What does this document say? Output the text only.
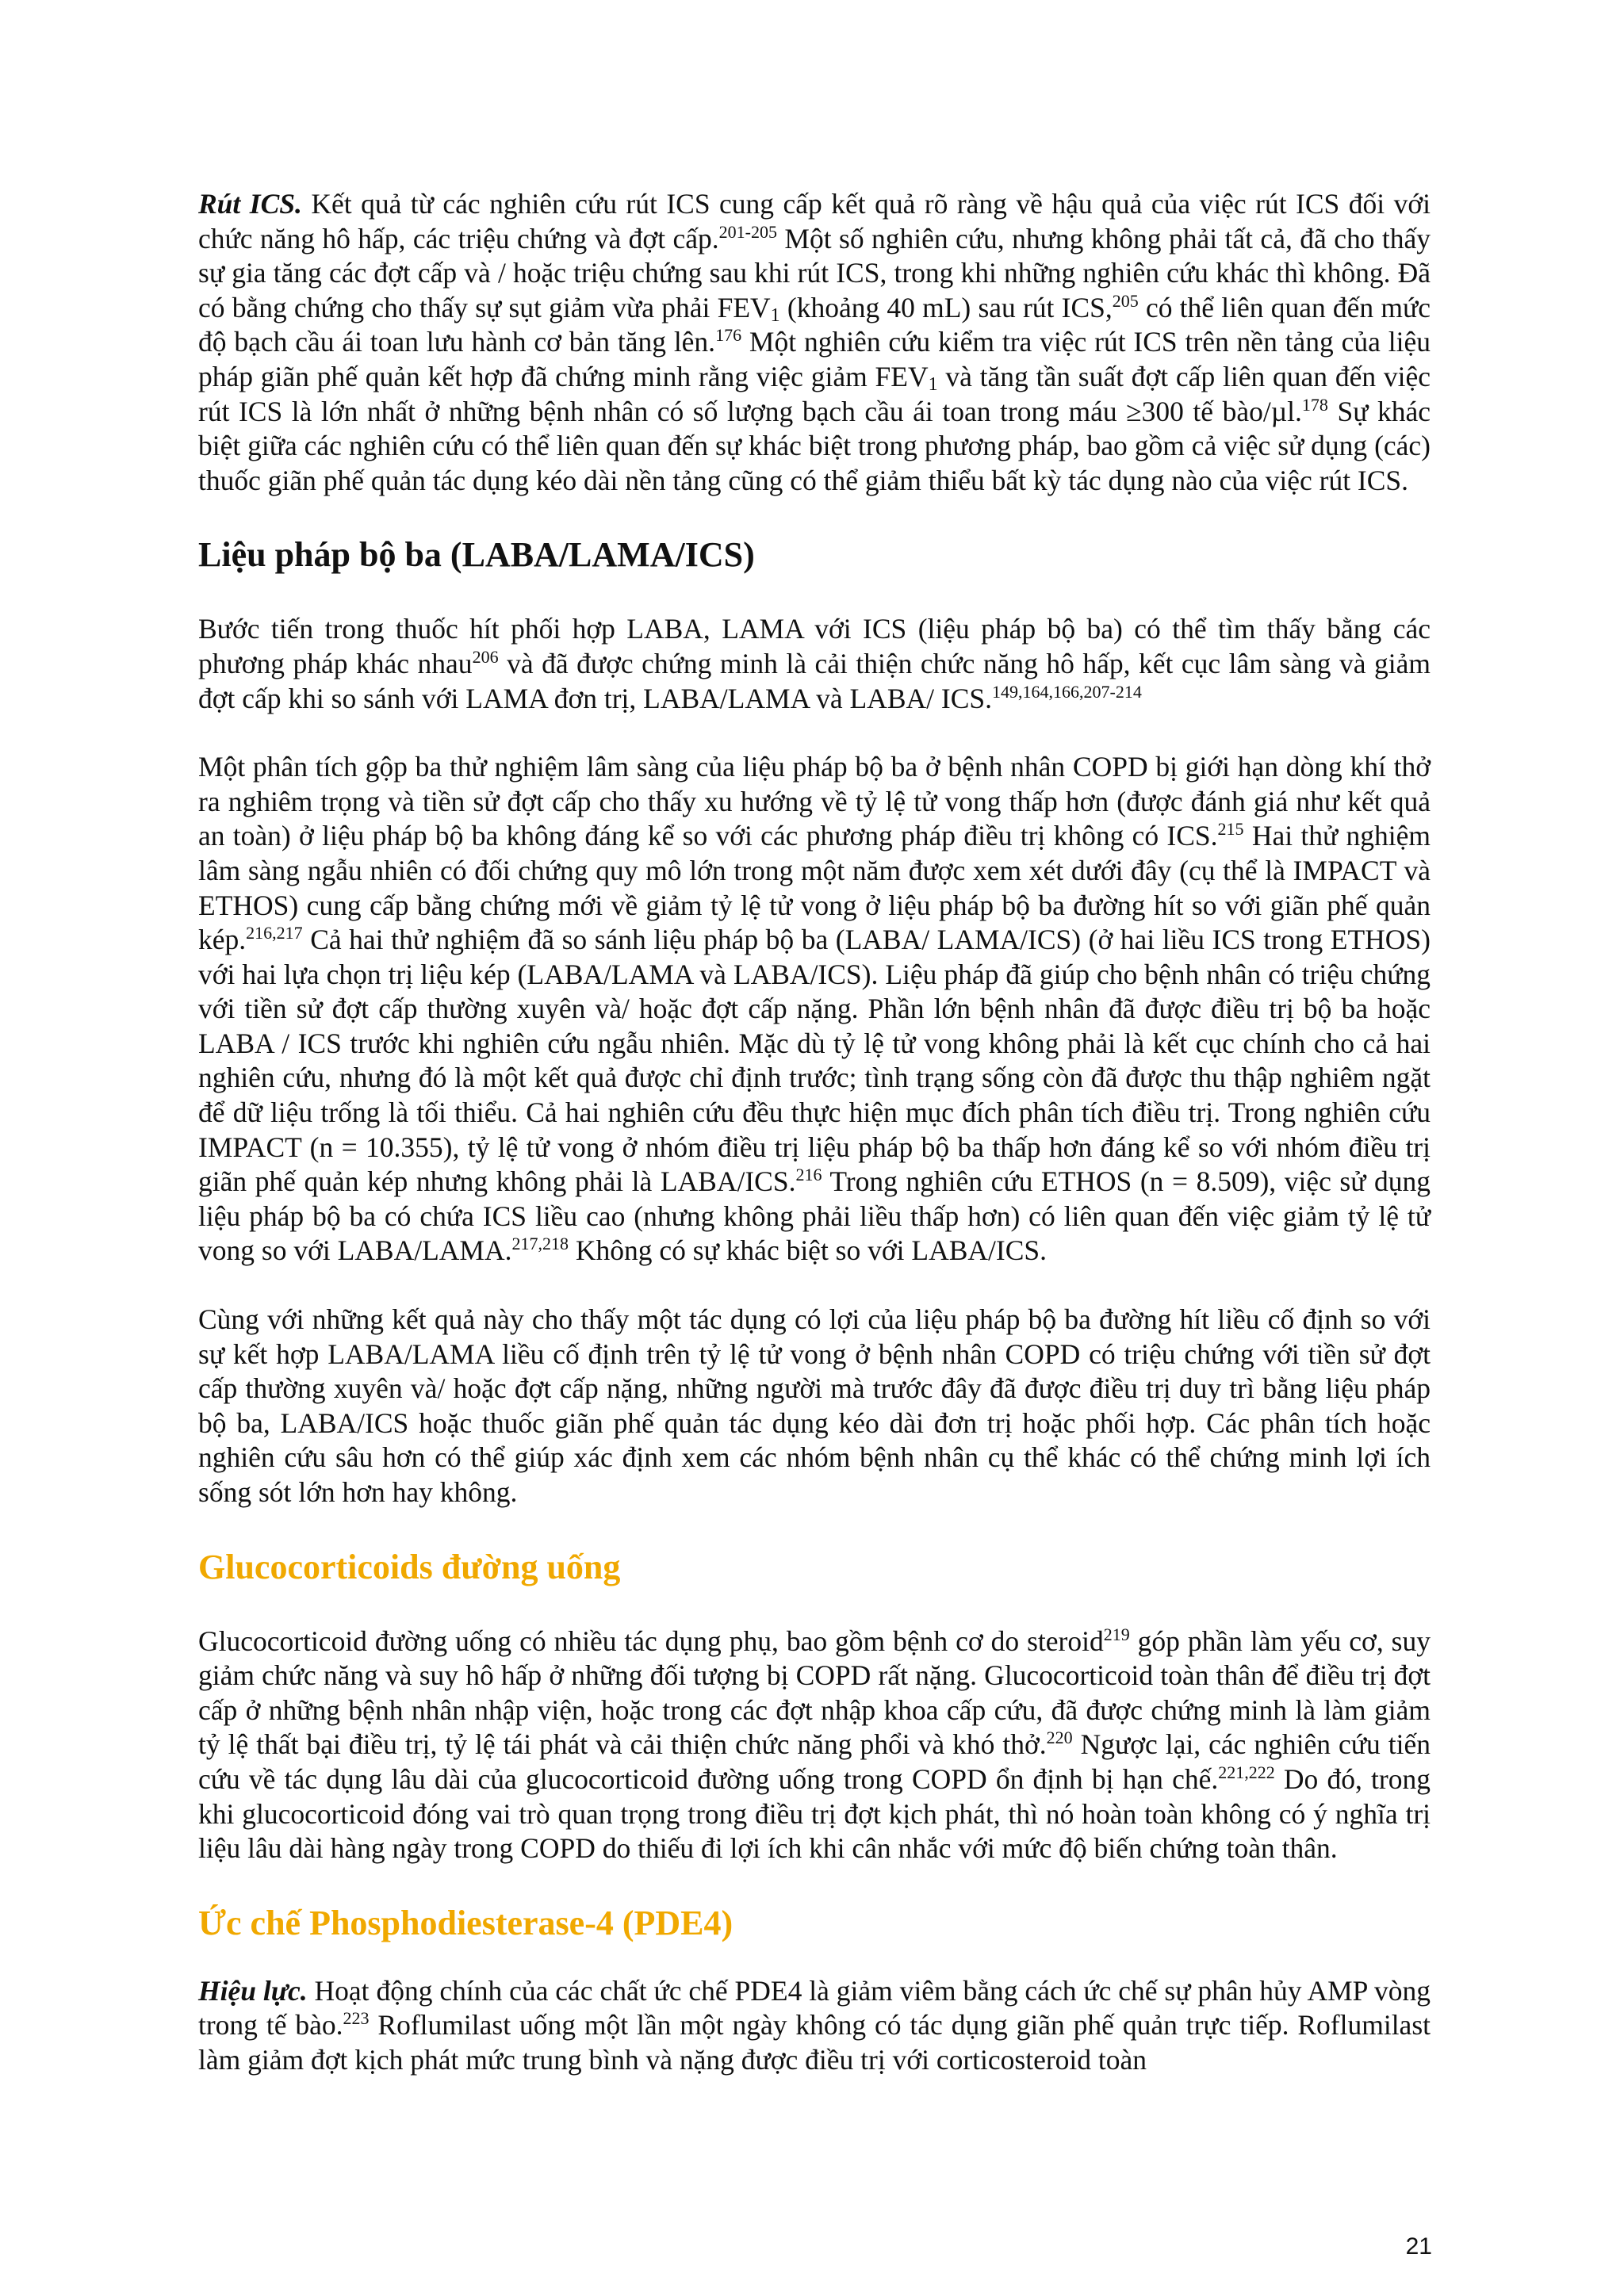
Rút ICS. Kết quả từ các nghiên cứu rút ICS cung cấp kết quả rõ ràng về hậu quả của việc rút ICS đối với chức năng hô hấp, các triệu chứng và đợt cấp.$^{201-205}$ Một số nghiên cứu, nhưng không phải tất cả, đã cho thấy sự gia tăng các đợt cấp và / hoặc triệu chứng sau khi rút ICS, trong khi những nghiên cứu khác thì không. Đã có bằng chứng cho thấy sự sụt giảm vừa phải $FEV_1$ (khoảng 40 mL) sau rút ICS,$^{205}$ có thể liên quan đến mức độ bạch cầu ái toan lưu hành cơ bản tăng lên.$^{176}$ Một nghiên cứu kiểm tra việc rút ICS trên nền tảng của liệu pháp giãn phế quản kết hợp đã chứng minh rằng việc giảm $FEV_1$ và tăng tần suất đợt cấp liên quan đến việc rút ICS là lớn nhất ở những bệnh nhân có số lượng bạch cầu ái toan trong máu ≥300 tế bào/µl.$^{178}$ Sự khác biệt giữa các nghiên cứu có thể liên quan đến sự khác biệt trong phương pháp, bao gồm cả việc sử dụng (các) thuốc giãn phế quản tác dụng kéo dài nền tảng cũng có thể giảm thiểu bất kỳ tác dụng nào của việc rút ICS.

Liệu pháp bộ ba (LABA/LAMA/ICS)

Bước tiến trong thuốc hít phối hợp LABA, LAMA với ICS (liệu pháp bộ ba) có thể tìm thấy bằng các phương pháp khác nhau$^{206}$ và đã được chứng minh là cải thiện chức năng hô hấp, kết cục lâm sàng và giảm đợt cấp khi so sánh với LAMA đơn trị, LABA/LAMA và LABA/ ICS.$^{149,164,166,207-214}$

Một phân tích gộp ba thử nghiệm lâm sàng của liệu pháp bộ ba ở bệnh nhân COPD bị giới hạn dòng khí thở ra nghiêm trọng và tiền sử đợt cấp cho thấy xu hướng về tỷ lệ tử vong thấp hơn (được đánh giá như kết quả an toàn) ở liệu pháp bộ ba không đáng kể so với các phương pháp điều trị không có ICS.$^{215}$ Hai thử nghiệm lâm sàng ngẫu nhiên có đối chứng quy mô lớn trong một năm được xem xét dưới đây (cụ thể là IMPACT và ETHOS) cung cấp bằng chứng mới về giảm tỷ lệ tử vong ở liệu pháp bộ ba đường hít so với giãn phế quản kép.$^{216,217}$ Cả hai thử nghiệm đã so sánh liệu pháp bộ ba (LABA/ LAMA/ICS) (ở hai liều ICS trong ETHOS) với hai lựa chọn trị liệu kép (LABA/LAMA và LABA/ICS). Liệu pháp đã giúp cho bệnh nhân có triệu chứng với tiền sử đợt cấp thường xuyên và/ hoặc đợt cấp nặng. Phần lớn bệnh nhân đã được điều trị bộ ba hoặc LABA / ICS trước khi nghiên cứu ngẫu nhiên. Mặc dù tỷ lệ tử vong không phải là kết cục chính cho cả hai nghiên cứu, nhưng đó là một kết quả được chỉ định trước; tình trạng sống còn đã được thu thập nghiêm ngặt để dữ liệu trống là tối thiểu. Cả hai nghiên cứu đều thực hiện mục đích phân tích điều trị. Trong nghiên cứu IMPACT (n = 10.355), tỷ lệ tử vong ở nhóm điều trị liệu pháp bộ ba thấp hơn đáng kể so với nhóm điều trị giãn phế quản kép nhưng không phải là LABA/ICS.$^{216}$ Trong nghiên cứu ETHOS (n = 8.509), việc sử dụng liệu pháp bộ ba có chứa ICS liều cao (nhưng không phải liều thấp hơn) có liên quan đến việc giảm tỷ lệ tử vong so với LABA/LAMA.$^{217,218}$ Không có sự khác biệt so với LABA/ICS.

Cùng với những kết quả này cho thấy một tác dụng có lợi của liệu pháp bộ ba đường hít liều cố định so với sự kết hợp LABA/LAMA liều cố định trên tỷ lệ tử vong ở bệnh nhân COPD có triệu chứng với tiền sử đợt cấp thường xuyên và/ hoặc đợt cấp nặng, những người mà trước đây đã được điều trị duy trì bằng liệu pháp bộ ba, LABA/ICS hoặc thuốc giãn phế quản tác dụng kéo dài đơn trị hoặc phối hợp. Các phân tích hoặc nghiên cứu sâu hơn có thể giúp xác định xem các nhóm bệnh nhân cụ thể khác có thể chứng minh lợi ích sống sót lớn hơn hay không.

Glucocorticoids đường uống

Glucocorticoid đường uống có nhiều tác dụng phụ, bao gồm bệnh cơ do steroid$^{219}$ góp phần làm yếu cơ, suy giảm chức năng và suy hô hấp ở những đối tượng bị COPD rất nặng. Glucocorticoid toàn thân để điều trị đợt cấp ở những bệnh nhân nhập viện, hoặc trong các đợt nhập khoa cấp cứu, đã được chứng minh là làm giảm tỷ lệ thất bại điều trị, tỷ lệ tái phát và cải thiện chức năng phổi và khó thở.$^{220}$ Ngược lại, các nghiên cứu tiến cứu về tác dụng lâu dài của glucocorticoid đường uống trong COPD ổn định bị hạn chế.$^{221,222}$ Do đó, trong khi glucocorticoid đóng vai trò quan trọng trong điều trị đợt kịch phát, thì nó hoàn toàn không có ý nghĩa trị liệu lâu dài hàng ngày trong COPD do thiếu đi lợi ích khi cân nhắc với mức độ biến chứng toàn thân.

Ức chế Phosphodiesterase-4 (PDE4)

Hiệu lực. Hoạt động chính của các chất ức chế PDE4 là giảm viêm bằng cách ức chế sự phân hủy AMP vòng trong tế bào.$^{223}$ Roflumilast uống một lần một ngày không có tác dụng giãn phế quản trực tiếp. Roflumilast làm giảm đợt kịch phát mức trung bình và nặng được điều trị với corticosteroid toàn

21
